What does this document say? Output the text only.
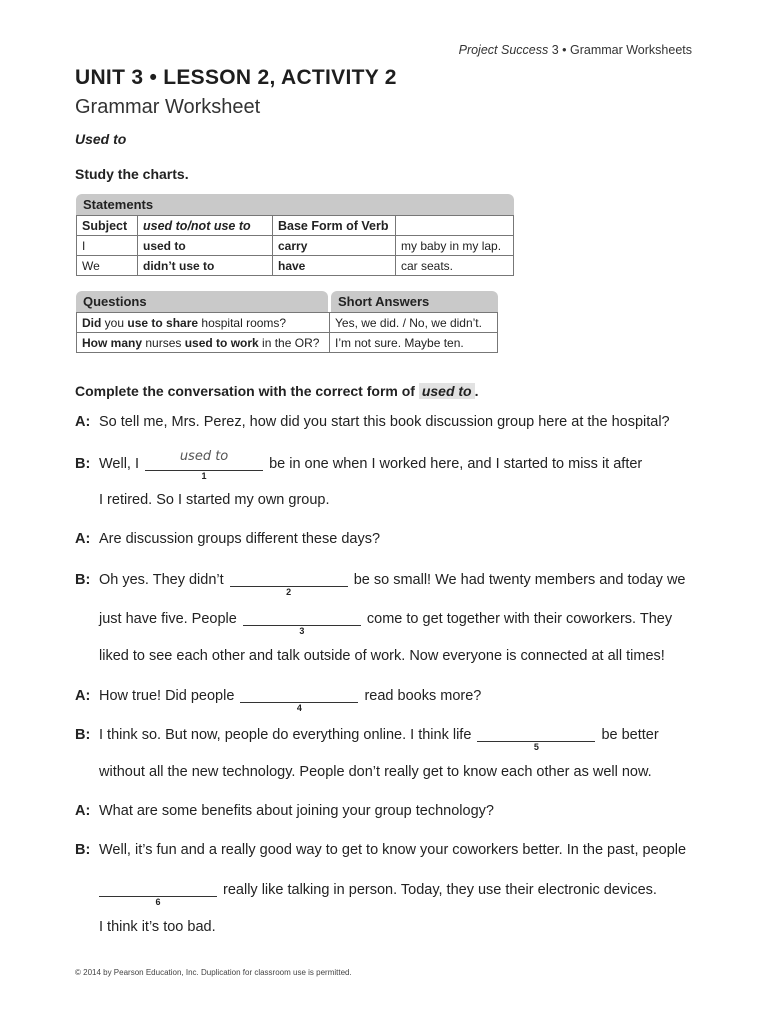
Project Success 3 • Grammar Worksheets
UNIT 3 • LESSON 2, ACTIVITY 2
Grammar Worksheet
Used to
Study the charts.
Statements
Subject	used to/not use to	Base Form of Verb	
I	used to	carry	my baby in my lap.
We	didn’t use to	have	car seats.
Questions	Short Answers
Did you use to share hospital rooms?	Yes, we did. / No, we didn’t.
How many nurses used to work in the OR?	I’m not sure. Maybe ten.
Complete the conversation with the correct form of used to .
A: So tell me, Mrs. Perez, how did you start this book discussion group here at the hospital?
B: Well, I	used to
1
be in one when I worked here, and I started to miss it after
I retired. So I started my own group.
A: Are discussion groups different these days?
B: Oh yes. They didn’t
2
be so small! We had twenty members and today we
just have five. People
3
come to get together with their coworkers. They
liked to see each other and talk outside of work. Now everyone is connected at all times!
A: How true! Did people
4
read books more?
B: I think so. But now, people do everything online. I think life
5
be better
without all the new technology. People don’t really get to know each other as well now.
A: What are some benefits about joining your group technology?
B: Well, it’s fun and a really good way to get to know your coworkers better. In the past, people
6
really like talking in person. Today, they use their electronic devices.
I think it’s too bad.
© 2014 by Pearson Education, Inc. Duplication for classroom use is permitted.
